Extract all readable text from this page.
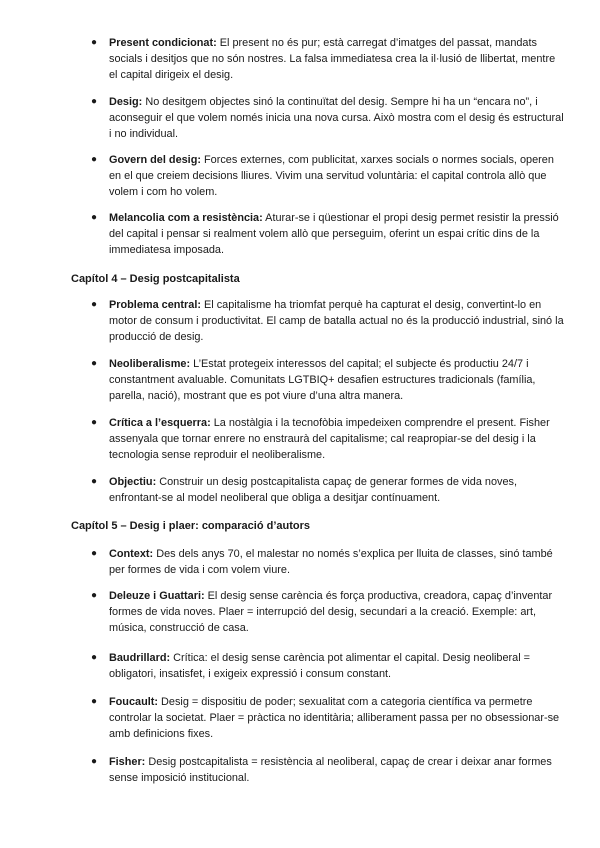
● Present condicionat: El present no és pur; està carregat d’imatges del passat, mandats socials i desitjos que no són nostres. La falsa immediatesa crea la il·lusió de llibertat, mentre el capital dirigeix el desig.
● Desig: No desitgem objectes sinó la continuïtat del desig. Sempre hi ha un “encara no”, i aconseguir el que volem només inicia una nova cursa. Això mostra com el desig és estructural i no individual.
● Govern del desig: Forces externes, com publicitat, xarxes socials o normes socials, operen en el que creiem decisions lliures. Vivim una servitud voluntària: el capital controla allò que volem i com ho volem.
● Melancolia com a resistència: Aturar-se i qüestionar el propi desig permet resistir la pressió del capital i pensar si realment volem allò que perseguim, oferint un espai crític dins de la immediatesa imposada.
Capítol 4 – Desig postcapitalista
● Problema central: El capitalisme ha triomfat perquè ha capturat el desig, convertint-lo en motor de consum i productivitat. El camp de batalla actual no és la producció industrial, sinó la producció de desig.
● Neoliberalisme: L’Estat protegeix interessos del capital; el subjecte és productiu 24/7 i constantment avaluable. Comunitats LGTBIQ+ desafien estructures tradicionals (família, parella, nació), mostrant que es pot viure d’una altra manera.
● Crítica a l’esquerra: La nostàlgia i la tecnofòbia impedeixen comprendre el present. Fisher assenyala que tornar enrere no enstraurà del capitalisme; cal reapropiar-se del desig i la tecnologia sense reproduir el neoliberalisme.
● Objectiu: Construir un desig postcapitalista capaç de generar formes de vida noves, enfrontant-se al model neoliberal que obliga a desitjar contínuament.
Capítol 5 – Desig i plaer: comparació d’autors
● Context: Des dels anys 70, el malestar no només s’explica per lluita de classes, sinó també per formes de vida i com volem viure.
● Deleuze i Guattari: El desig sense carència és força productiva, creadora, capaç d’inventar formes de vida noves. Plaer = interrupció del desig, secundari a la creació. Exemple: art, música, construcció de casa.
● Baudrillard: Crítica: el desig sense carència pot alimentar el capital. Desig neoliberal = obligatori, insatisfet, i exigeix expressió i consum constant.
● Foucault: Desig = dispositiu de poder; sexualitat com a categoria científica va permetre controlar la societat. Plaer = pràctica no identitària; alliberament passa per no obsessionar-se amb definicions fixes.
● Fisher: Desig postcapitalista = resistència al neoliberal, capaç de crear i deixar anar formes sense imposició institucional.
